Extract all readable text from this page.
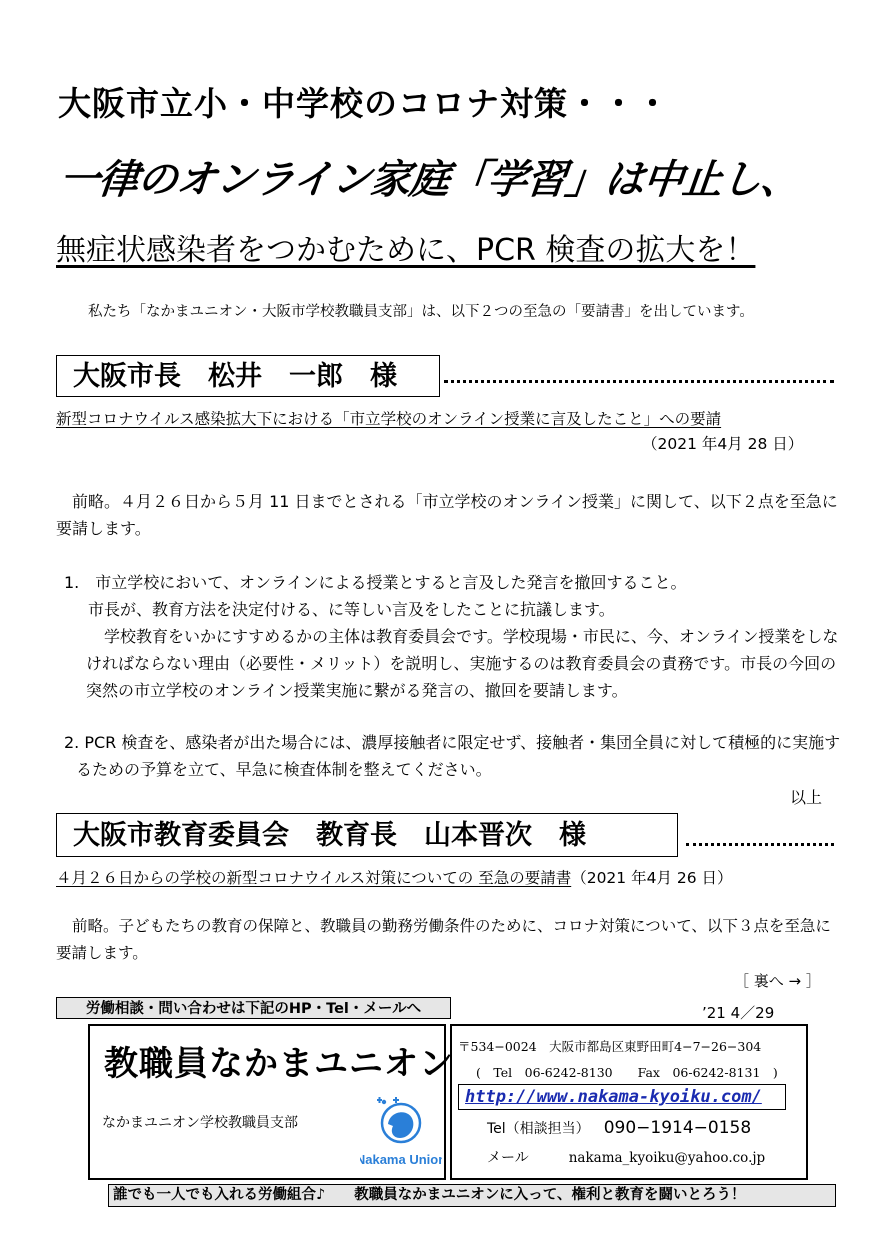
大阪市立小・中学校のコロナ対策・・・
一律のオンライン家庭「学習」は中止し、
無症状感染者をつかむために、PCR 検査の拡大を！
私たち「なかまユニオン・大阪市学校教職員支部」は、以下２つの至急の「要請書」を出しています。
大阪市長　松井　一郎　様
新型コロナウイルス感染拡大下における「市立学校のオンライン授業に言及したこと」への要請
（2021 年4月 28 日）
前略。４月２６日から５月 11 日までとされる「市立学校のオンライン授業」に関して、以下２点を至急に要請します。
1.　市立学校において、オンラインによる授業とすると言及した発言を撤回すること。
市長が、教育方法を決定付ける、に等しい言及をしたことに抗議します。
学校教育をいかにすすめるかの主体は教育委員会です。学校現場・市民に、今、オンライン授業をしなければならない理由（必要性・メリット）を説明し、実施するのは教育委員会の責務です。市長の今回の突然の市立学校のオンライン授業実施に繋がる発言の、撤回を要請します。
2. PCR 検査を、感染者が出た場合には、濃厚接触者に限定せず、接触者・集団全員に対して積極的に実施するための予算を立て、早急に検査体制を整えてください。
以上
大阪市教育委員会　教育長　山本晋次　様
４月２６日からの学校の新型コロナウイルス対策についての 至急の要請書（2021 年4月 26 日）
前略。子どもたちの教育の保障と、教職員の勤務労働条件のために、コロナ対策について、以下３点を至急に要請します。
［ 裏へ → ］
労働相談・問い合わせは下記のHP・Tel・メールへ	’21 4／29
教職員なかまユニオン
なかまユニオン学校教職員支部
Nakama Union
〒534−0024　大阪市都島区東野田町4−7−26−304
(　Tel　06-6242-8130　　Fax　06-6242-8131　)
http://www.nakama-kyoiku.com/
Tel（相談担当） 090−1914−0158
メール	nakama_kyoiku@yahoo.co.jp
誰でも一人でも入れる労働組合♪　　教職員なかまユニオンに入って、権利と教育を闘いとろう！
